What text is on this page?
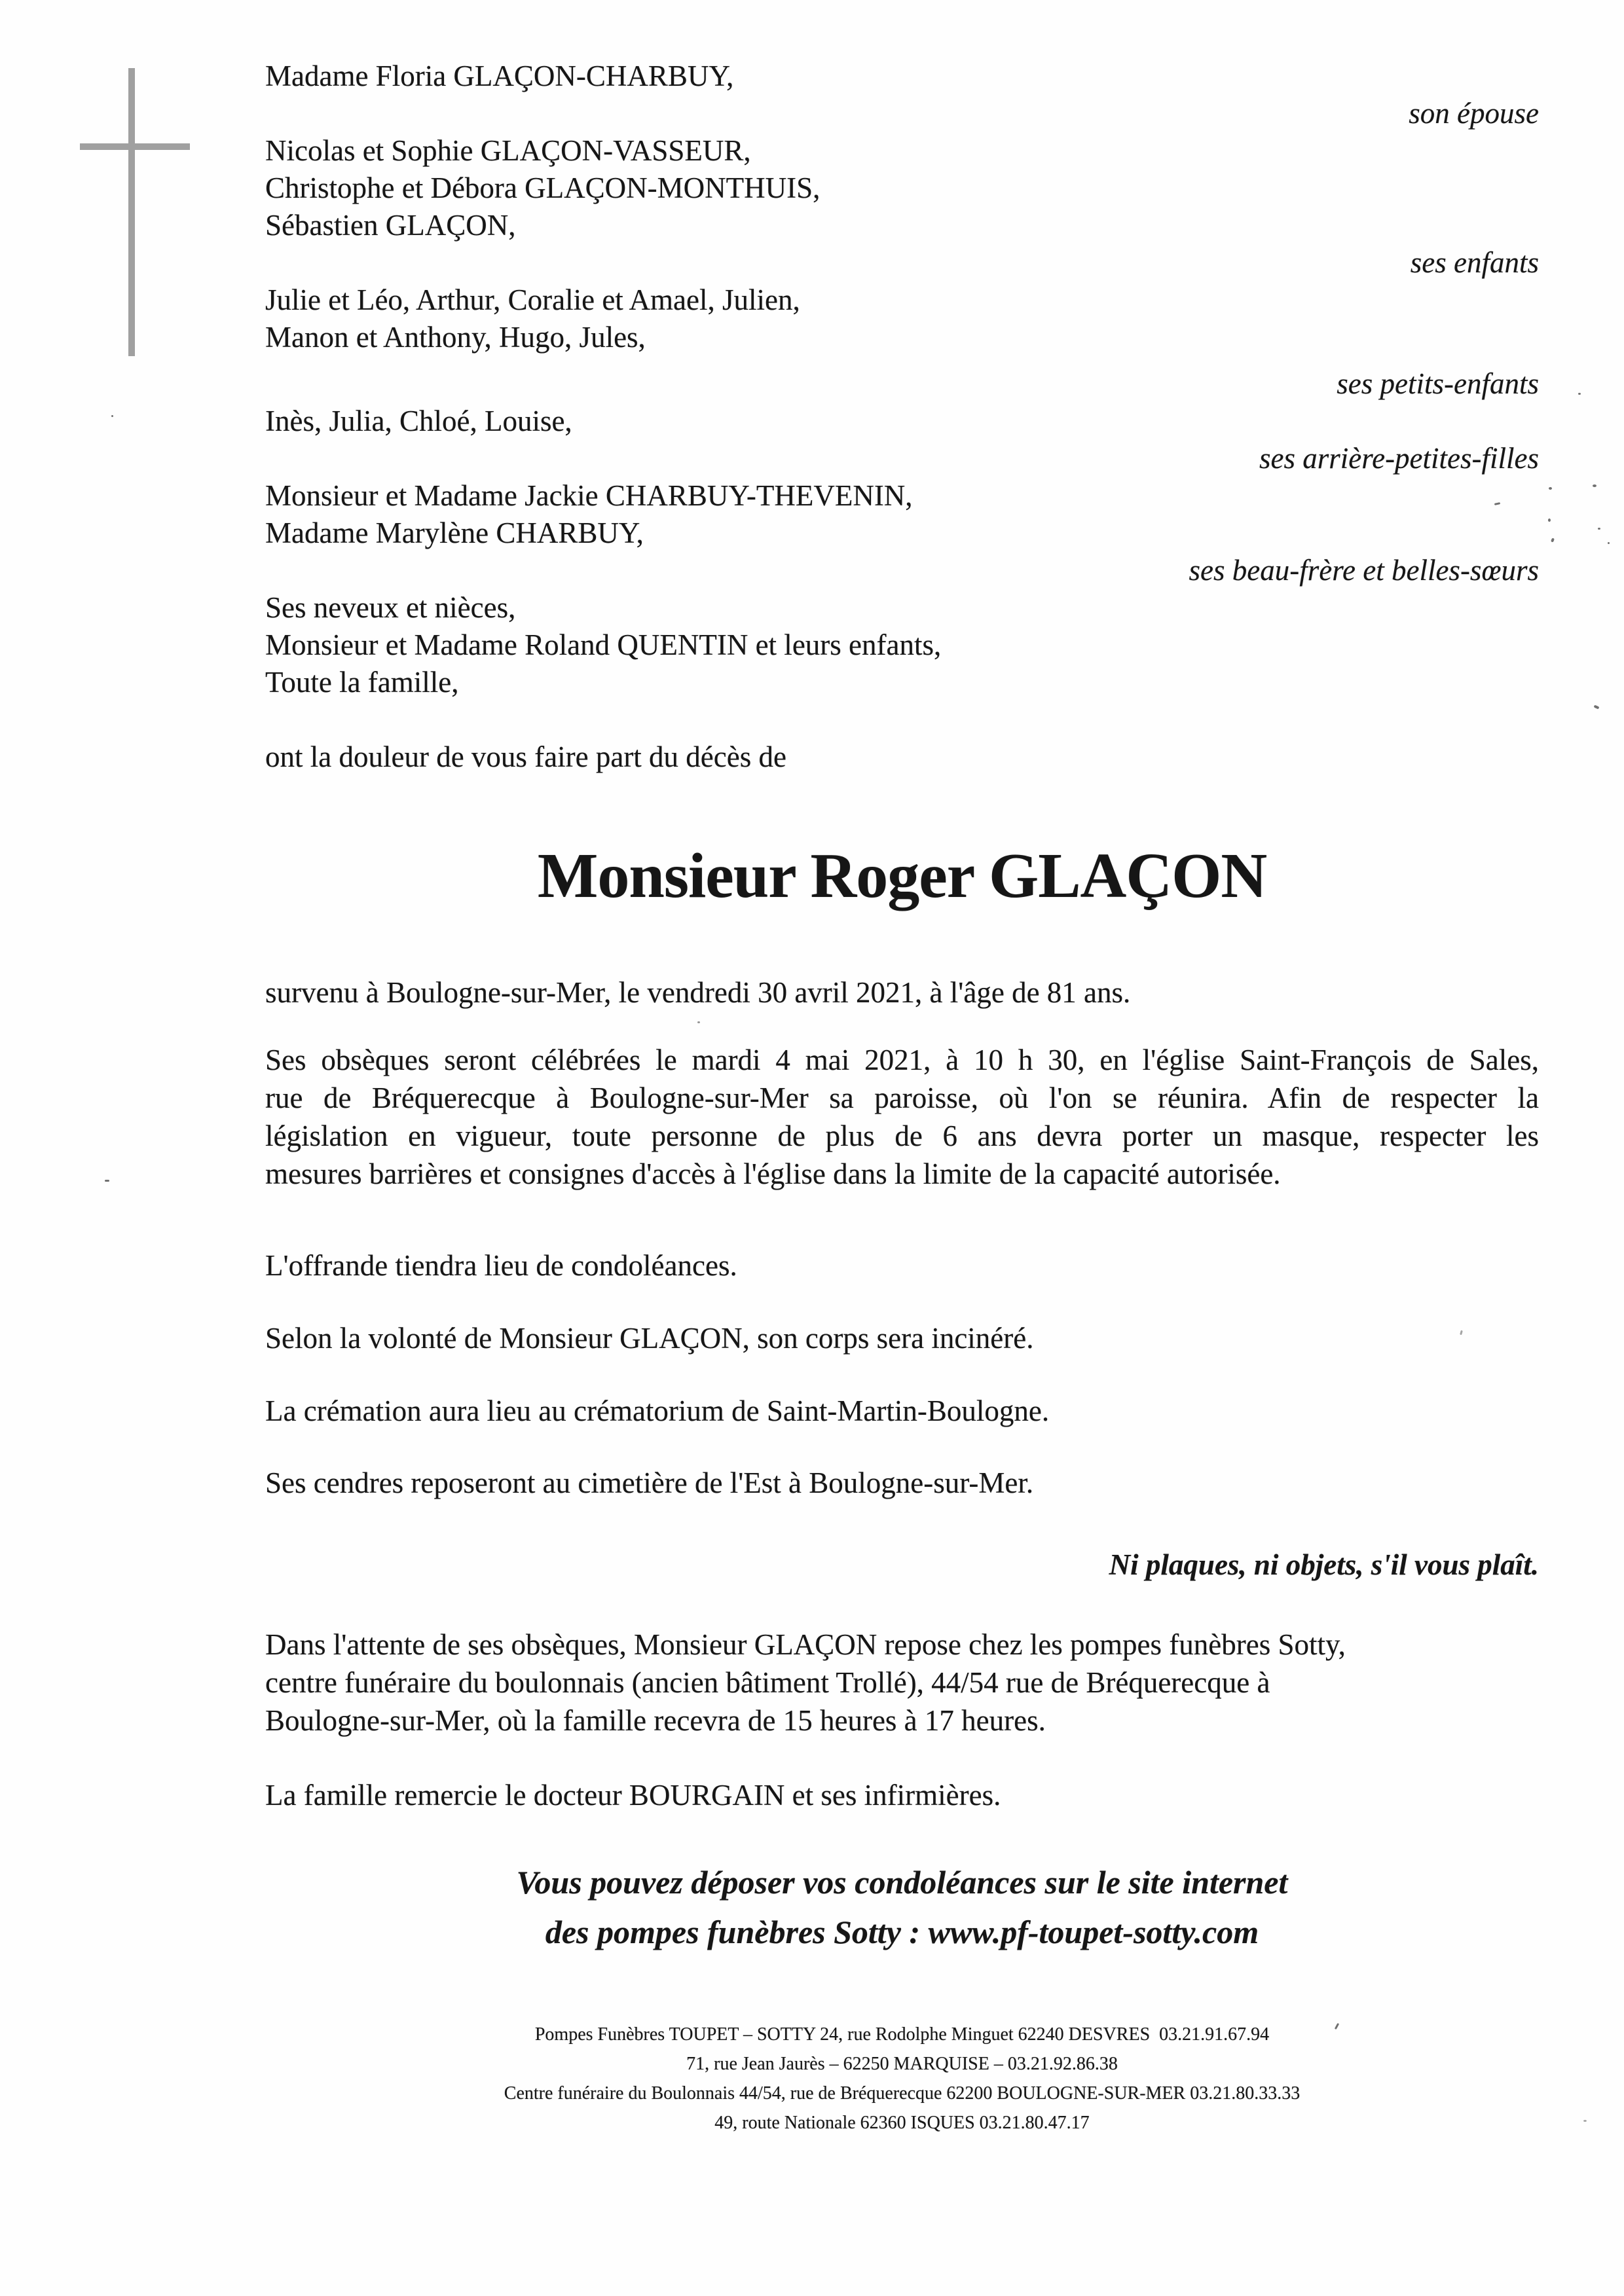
Madame Floria GLAÇON-CHARBUY,
son épouse
Nicolas et Sophie GLAÇON-VASSEUR,
Christophe et Débora GLAÇON-MONTHUIS,
Sébastien GLAÇON,
ses enfants
Julie et Léo, Arthur, Coralie et Amael, Julien,
Manon et Anthony, Hugo, Jules,
ses petits-enfants
Inès, Julia, Chloé, Louise,
ses arrière-petites-filles
Monsieur et Madame Jackie CHARBUY-THEVENIN,
Madame Marylène CHARBUY,
ses beau-frère et belles-sœurs
Ses neveux et nièces,
Monsieur et Madame Roland QUENTIN et leurs enfants,
Toute la famille,
ont la douleur de vous faire part du décès de
Monsieur Roger GLAÇON
survenu à Boulogne-sur-Mer, le vendredi 30 avril 2021, à l'âge de 81 ans.
Ses obsèques seront célébrées le mardi 4 mai 2021, à 10 h 30, en l'église Saint-François de Sales,
rue de Bréquerecque à Boulogne-sur-Mer sa paroisse, où l'on se réunira. Afin de respecter la
législation en vigueur, toute personne de plus de 6 ans devra porter un masque, respecter les
mesures barrières et consignes d'accès à l'église dans la limite de la capacité autorisée.
L'offrande tiendra lieu de condoléances.
Selon la volonté de Monsieur GLAÇON, son corps sera incinéré.
La crémation aura lieu au crématorium de Saint-Martin-Boulogne.
Ses cendres reposeront au cimetière de l'Est à Boulogne-sur-Mer.
Ni plaques, ni objets, s'il vous plaît.
Dans l'attente de ses obsèques, Monsieur GLAÇON repose chez les pompes funèbres Sotty,
centre funéraire du boulonnais (ancien bâtiment Trollé), 44/54 rue de Bréquerecque à
Boulogne-sur-Mer, où la famille recevra de 15 heures à 17 heures.
La famille remercie le docteur BOURGAIN et ses infirmières.
Vous pouvez déposer vos condoléances sur le site internet
des pompes funèbres Sotty : www.pf-toupet-sotty.com
Pompes Funèbres TOUPET – SOTTY 24, rue Rodolphe Minguet 62240 DESVRES  03.21.91.67.94
71, rue Jean Jaurès – 62250 MARQUISE – 03.21.92.86.38
Centre funéraire du Boulonnais 44/54, rue de Bréquerecque 62200 BOULOGNE-SUR-MER 03.21.80.33.33
49, route Nationale 62360 ISQUES 03.21.80.47.17
